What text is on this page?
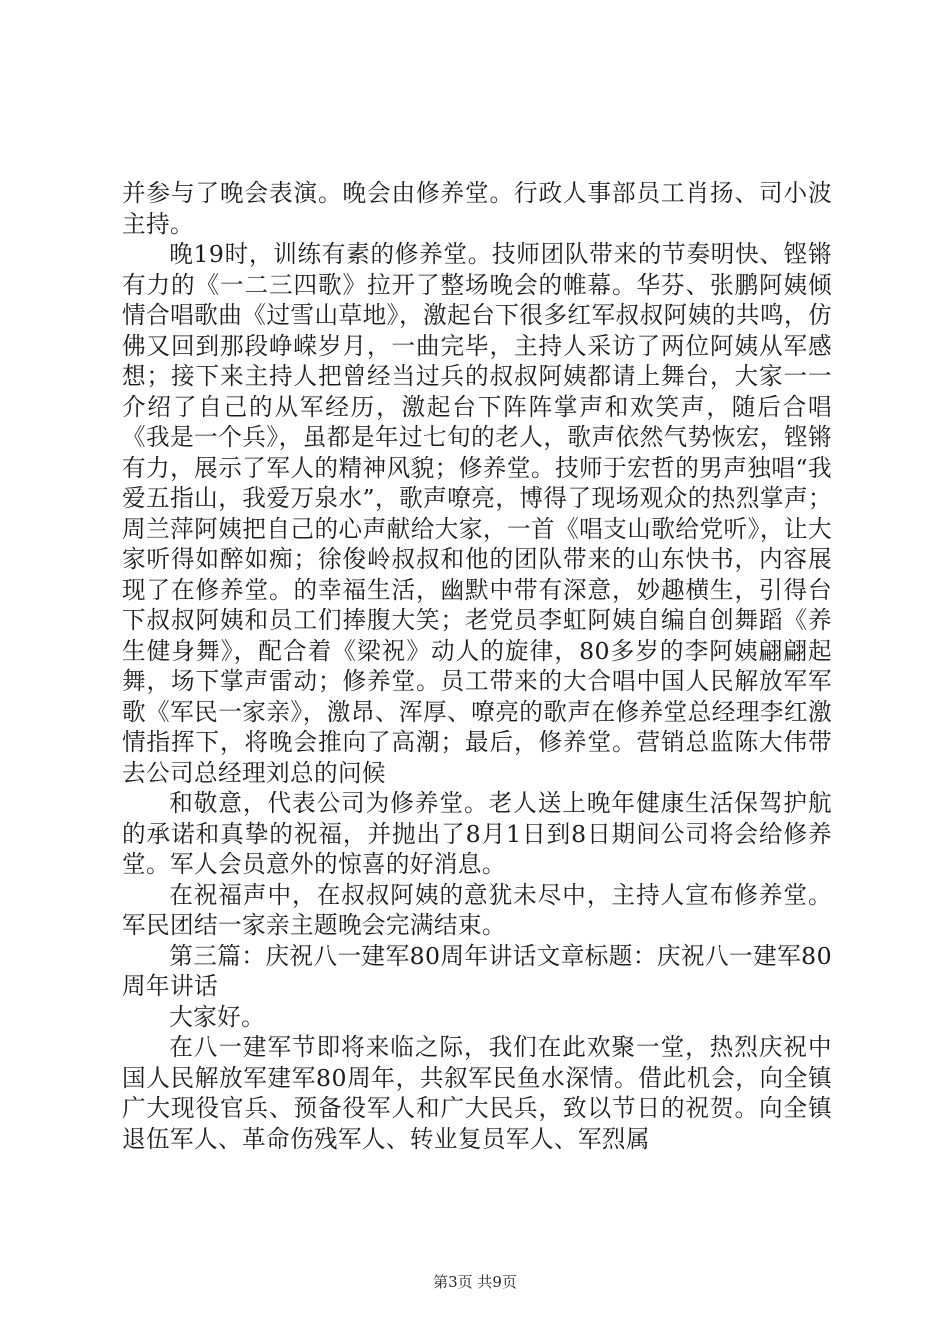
并参与了晚会表演。晚会由修养堂。行政人事部员工肖扬、司小波主持。

晚19时，训练有素的修养堂。技师团队带来的节奏明快、铿锵有力的《一二三四歌》拉开了整场晚会的帷幕。华芬、张鹏阿姨倾情合唱歌曲《过雪山草地》，激起台下很多红军叔叔阿姨的共鸣，仿佛又回到那段峥嵘岁月，一曲完毕，主持人采访了两位阿姨从军感想；接下来主持人把曾经当过兵的叔叔阿姨都请上舞台，大家一一介绍了自己的从军经历，激起台下阵阵掌声和欢笑声，随后合唱《我是一个兵》，虽都是年过七旬的老人，歌声依然气势恢宏，铿锵有力，展示了军人的精神风貌；修养堂。技师于宏哲的男声独唱“我爱五指山，我爱万泉水”，歌声嘹亮，博得了现场观众的热烈掌声；周兰萍阿姨把自己的心声献给大家，一首《唱支山歌给党听》，让大家听得如醉如痴；徐俊岭叔叔和他的团队带来的山东快书，内容展现了在修养堂。的幸福生活，幽默中带有深意，妙趣横生，引得台下叔叔阿姨和员工们捧腹大笑；老党员李虹阿姨自编自创舞蹈《养生健身舞》，配合着《梁祝》动人的旋律，80多岁的李阿姨翩翩起舞，场下掌声雷动；修养堂。员工带来的大合唱中国人民解放军军歌《军民一家亲》，激昂、浑厚、嘹亮的歌声在修养堂总经理李红激情指挥下，将晚会推向了高潮；最后，修养堂。营销总监陈大伟带去公司总经理刘总的问候

和敬意，代表公司为修养堂。老人送上晚年健康生活保驾护航的承诺和真挚的祝福，并抛出了8月1日到8日期间公司将会给修养堂。军人会员意外的惊喜的好消息。

在祝福声中，在叔叔阿姨的意犹未尽中，主持人宣布修养堂。军民团结一家亲主题晚会完满结束。

第三篇：庆祝八一建军80周年讲话文章标题：庆祝八一建军80周年讲话

大家好。

在八一建军节即将来临之际，我们在此欢聚一堂，热烈庆祝中国人民解放军建军80周年，共叙军民鱼水深情。借此机会，向全镇广大现役官兵、预备役军人和广大民兵，致以节日的祝贺。向全镇退伍军人、革命伤残军人、转业复员军人、军烈属

第3页 共9页
